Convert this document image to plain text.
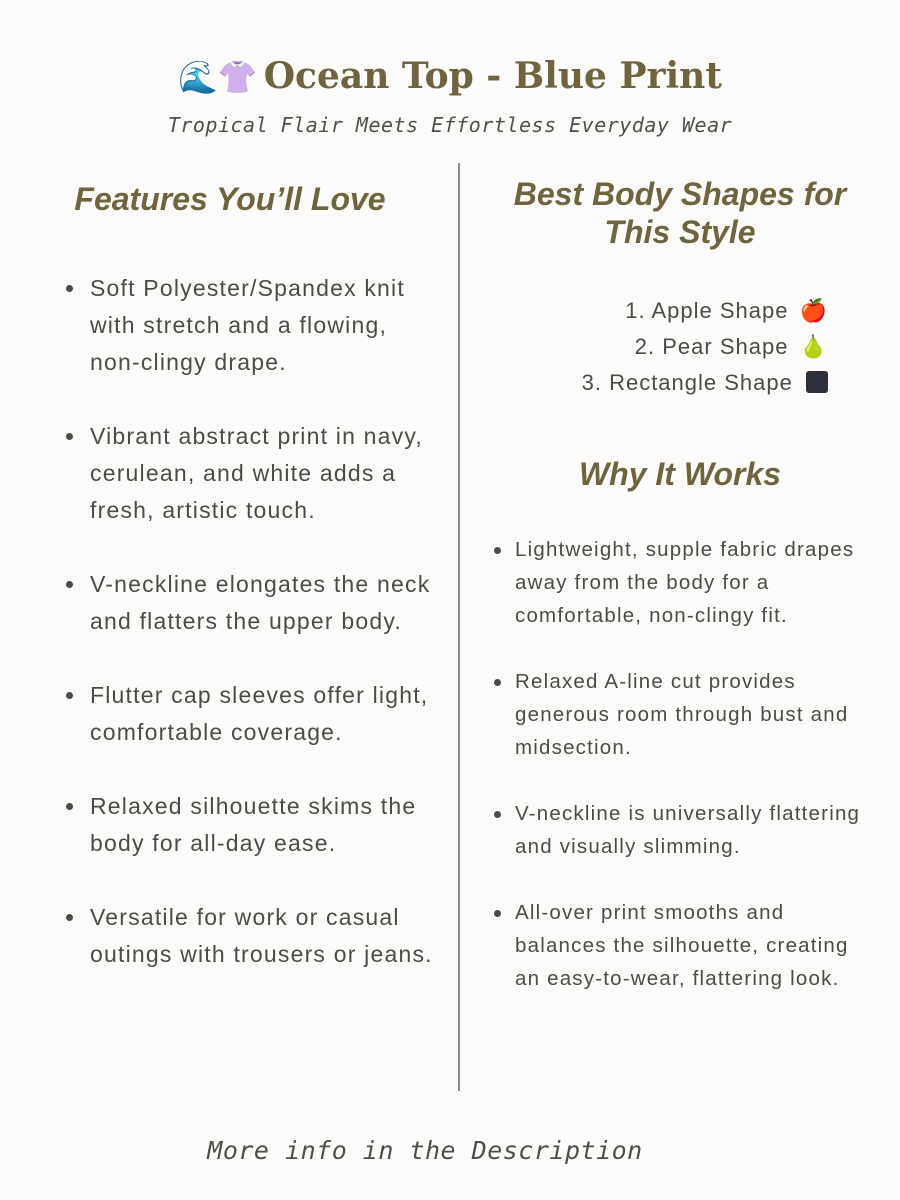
🌊👚 Ocean Top - Blue Print
Tropical Flair Meets Effortless Everyday Wear
Features You’ll Love
Soft Polyester/Spandex knit with stretch and a flowing, non-clingy drape.
Vibrant abstract print in navy, cerulean, and white adds a fresh, artistic touch.
V-neckline elongates the neck and flatters the upper body.
Flutter cap sleeves offer light, comfortable coverage.
Relaxed silhouette skims the body for all-day ease.
Versatile for work or casual outings with trousers or jeans.
Best Body Shapes for This Style
1. Apple Shape 🍎
2. Pear Shape 🍐
3. Rectangle Shape
Why It Works
Lightweight, supple fabric drapes away from the body for a comfortable, non-clingy fit.
Relaxed A-line cut provides generous room through bust and midsection.
V-neckline is universally flattering and visually slimming.
All-over print smooths and balances the silhouette, creating an easy-to-wear, flattering look.
More info in the Description
